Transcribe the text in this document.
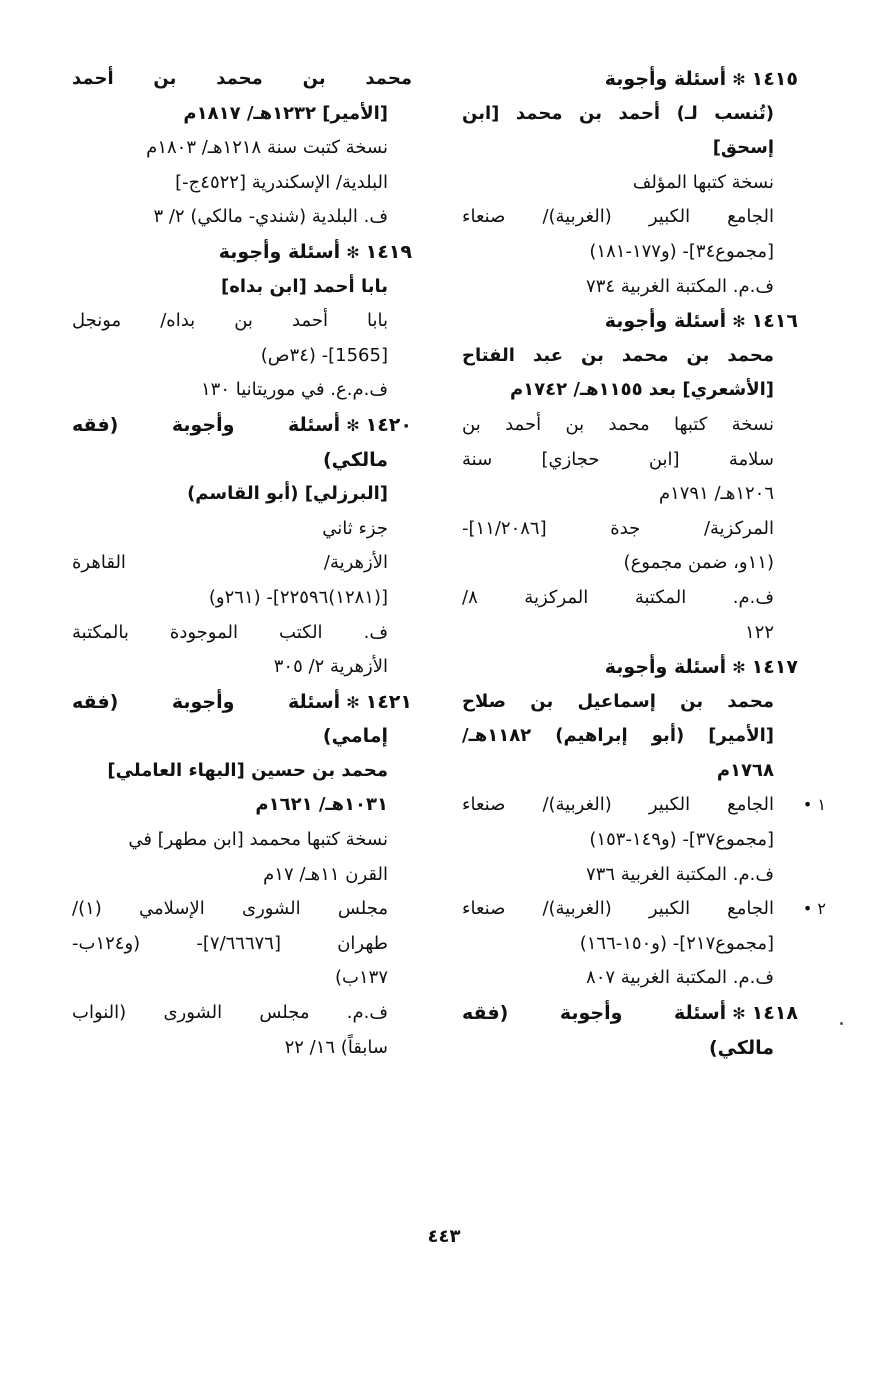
١٤١٥✻أسئلة وأجوبة
(تُنسب لـ) أحمد بن محمد [ابن
إسحق]
نسخة كتبها المؤلف
الجامع الكبير (الغربية)/ صنعاء
[مجموع٣٤]- (و١٧٧-١٨١)
ف.م. المكتبة الغربية ٧٣٤
١٤١٦✻أسئلة وأجوبة
محمد بن محمد بن عبد الفتاح
[الأشعري] بعد ١١٥٥هـ/ ١٧٤٢م
نسخة كتبها محمد بن أحمد بن
سلامة [ابن حجازي] سنة
١٢٠٦هـ/ ١٧٩١م
المركزية/ جدة [١١/٢٠٨٦]-
(١١و، ضمن مجموع)
ف.م. المكتبة المركزية ٨/
١٢٢
١٤١٧✻أسئلة وأجوبة
محمد بن إسماعيل بن صلاح
[الأمير] (أبو إبراهيم) ١١٨٢هـ/
١٧٦٨م
١ •
الجامع الكبير (الغربية)/ صنعاء
[مجموع٣٧]- (و١٤٩-١٥٣)
ف.م. المكتبة الغربية ٧٣٦
٢ •
الجامع الكبير (الغربية)/ صنعاء
[مجموع٢١٧]- (و١٥٠-١٦٦)
ف.م. المكتبة الغربية ٨٠٧
١٤١٨✻أسئلة وأجوبة (فقه
مالكي)
محمد بن محمد بن أحمد
[الأمير] ١٢٣٢هـ/ ١٨١٧م
نسخة كتبت سنة ١٢١٨هـ/ ١٨٠٣م
البلدية/ الإسكندرية [٤٥٢٢ج-]
ف. البلدية (شندي- مالكي) ٢/ ٣
١٤١٩✻أسئلة وأجوبة
بابا أحمد [ابن بداه]
بابا أحمد بن بداه/ مونجل
[1565]- (٣٤ص)
ف.م.ع. في موريتانيا ١٣٠
١٤٢٠✻أسئلة وأجوبة (فقه
مالكي)
[البرزلي] (أبو القاسم)
جزء ثاني
الأزهرية/ القاهرة
[(١٢٨١)٢٢٥٩٦]- (٢٦١و)
ف. الكتب الموجودة بالمكتبة
الأزهرية ٢/ ٣٠٥
١٤٢١✻أسئلة وأجوبة (فقه
إمامي)
محمد بن حسين [البهاء العاملي]
١٠٣١هـ/ ١٦٢١م
نسخة كتبها محممد [ابن مطهر] في
القرن ١١هـ/ ١٧م
مجلس الشورى الإسلامي (١)/
طهران [٧/٦٦٦٧٦]- (و١٢٤ب-
١٣٧ب)
ف.م. مجلس الشورى (النواب
سابقاً) ١٦/ ٢٢
٤٤٣
